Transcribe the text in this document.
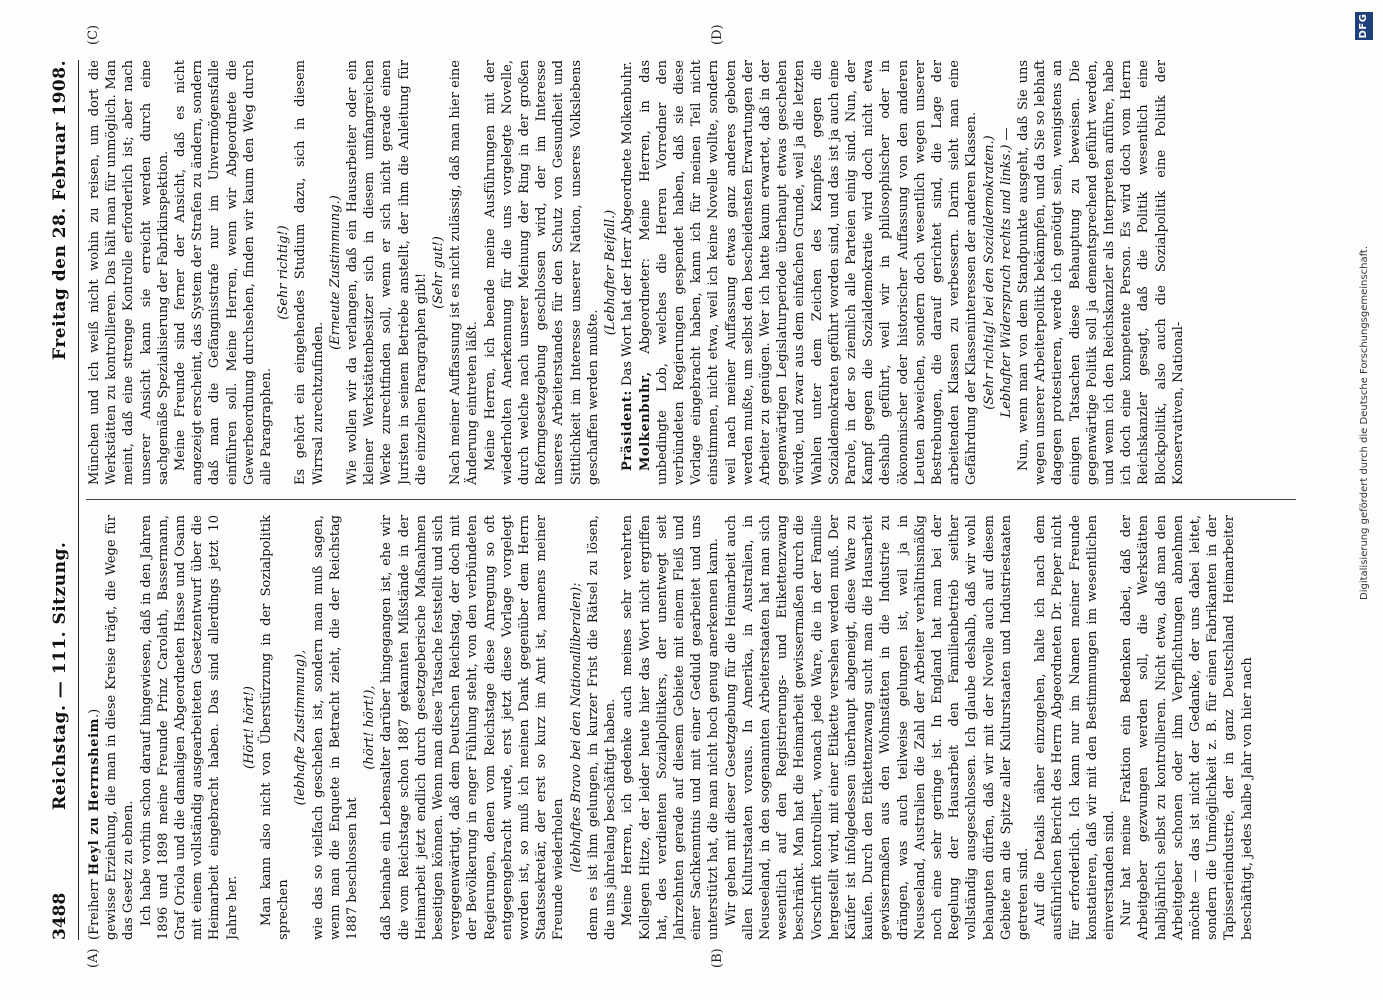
(A)	(B)
(C)	(D)
3488
Reichstag. — 111. Sitzung.
Freitag den 28. Februar 1908.

(Freiherr Heyl zu Herrnsheim.) gewisse Erziehung, die man in diese Kreise trägt, die Wege für das Gesetz zu ebnen. Ich habe vorhin schon darauf hingewiesen, daß in den Jahren 1896 und 1898 meine Freunde Prinz Carolath, Bassermann, Graf Oriola und die damaligen Abgeordneten Hasse und Osann mit einem vollständig ausgearbeiteten Gesetzentwurf über die Heimarbeit eingebracht haben. Das sind allerdings jetzt 10 Jahre her.

(Hört! hört!) Man kann also nicht von Überstürzung in der Sozialpolitik sprechen

(lebhafte Zustimmung), wie das so vielfach geschehen ist, sondern man muß sagen, wenn man die Enquete in Betracht zieht, die der Reichstag 1887 beschlossen hat

(hört! hört!), daß beinahe ein Lebensalter darüber hingegangen ist, ehe wir die vom Reichstage schon 1887 gekannten Mißstände in der Heimarbeit jetzt endlich durch gesetzgeberische Maßnahmen beseitigen können. Wenn man diese Tatsache feststellt und sich vergegenwärtigt, daß dem Deutschen Reichstag, der doch mit der Bevölkerung in enger Fühlung steht, von den verbündeten Regierungen, denen vom Reichstage diese Anregung so oft entgegengebracht wurde, erst jetzt diese Vorlage vorgelegt worden ist, so muß ich meinen Dank gegenüber dem Herrn Staatssekretär, der erst so kurz im Amt ist, namens meiner Freunde wiederholen (lebhaftes Bravo bei den Nationalliberalen): denn es ist ihm gelungen, in kurzer Frist die Rätsel zu lösen, die uns jahrelang beschäftigt haben. Meine Herren, ich gedenke auch meines sehr verehrten Kollegen Hitze, der leider heute hier das Wort nicht ergriffen hat, des verdienten Sozialpolitikers, der unentwegt seit Jahrzehnten gerade auf diesem Gebiete mit einem Fleiß und einer Sachkenntnis und mit einer Geduld gearbeitet und uns unterstützt hat, die man nicht hoch genug anerkennen kann. Wir gehen mit dieser Gesetzgebung für die Heimarbeit auch allen Kulturstaaten voraus. In Amerika, in Australien, in Neuseeland, in den sogenannten Arbeiterstaaten hat man sich wesentlich auf den Registrierungs- und Etikettenzwang beschränkt. Man hat die Heimarbeit gewissermaßen durch die Vorschrift kontrolliert, wonach jede Ware, die in der Familie hergestellt wird, mit einer Etikette versehen werden muß. Der Käufer ist infolgedessen überhaupt abgeneigt, diese Ware zu kaufen. Durch den Etikettenzwang sucht man die Hausarbeit gewissermaßen aus den Wohnstätten in die Industrie zu drängen, was auch teilweise gelungen ist, weil ja in Neuseeland, Australien die Zahl der Arbeiter verhältnismäßig noch eine sehr geringe ist. In England hat man bei der Regelung der Hausarbeit den Familienbetrieb seither vollständig ausgeschlossen. Ich glaube deshalb, daß wir wohl behaupten dürfen, daß wir mit der Novelle auch auf diesem Gebiete an die Spitze aller Kulturstaaten und Industriestaaten getreten sind. Auf die Details näher einzugehen, halte ich nach dem ausführlichen Bericht des Herrn Abgeordneten Dr. Pieper nicht für erforderlich. Ich kann nur im Namen meiner Freunde konstatieren, daß wir mit den Bestimmungen im wesentlichen einverstanden sind. Nur hat meine Fraktion ein Bedenken dabei, daß der Arbeitgeber gezwungen werden soll, die Werkstätten halbjährlich selbst zu kontrollieren. Nicht etwa, daß man den Arbeitgeber schonen oder ihm Verpflichtungen abnehmen möchte — das ist nicht der Gedanke, der uns dabei leitet, sondern die Unmöglichkeit z. B. für einen Fabrikanten in der Tapisserieindustrie, der in ganz Deutschland Heimarbeiter beschäftigt, jedes halbe Jahr von hier nach

München und ich weiß nicht wohin zu reisen, um dort die Werkstätten zu kontrollieren. Das hält man für unmöglich. Man meint, daß eine strenge Kontrolle erforderlich ist; aber nach unserer Ansicht kann sie erreicht werden durch eine sachgemäße Spezialisierung der Fabrikinspektion. Meine Freunde sind ferner der Ansicht, daß es nicht angezeigt erscheint, das System der Strafen zu ändern, sondern daß man die Gefängnisstrafe nur im Unvermögensfalle einführen soll. Meine Herren, wenn wir Abgeordnete die Gewerbeordnung durchsehen, finden wir kaum den Weg durch alle Paragraphen.

(Sehr richtig!) Es gehört ein eingehendes Studium dazu, sich in diesem Wirrsal zurechtzufinden.

(Erneute Zustimmung.) Wie wollen wir da verlangen, daß ein Hausarbeiter oder ein kleiner Werkstättenbesitzer sich in diesem umfangreichen Werke zurechtfinden soll, wenn er sich nicht gerade einen Juristen in seinem Betriebe anstellt, der ihm die Anleitung für die einzelnen Paragraphen gibt!

(Sehr gut!) Nach meiner Auffassung ist es nicht zulässig, daß man hier eine Änderung eintreten läßt. Meine Herren, ich beende meine Ausführungen mit der wiederholten Anerkennung für die uns vorgelegte Novelle, durch welche nach unserer Meinung der Ring in der großen Reformgesetzgebung geschlossen wird, der im Interesse unseres Arbeiterstandes für den Schutz von Gesundheit und Sittlichkeit im Interesse unserer Nation, unseres Volkslebens geschaffen werden mußte.

(Lebhafter Beifall.)

Präsident: Das Wort hat der Herr Abgeordnete Molkenbuhr.

Molkenbuhr, Abgeordneter: Meine Herren, in das unbedingte Lob, welches die Herren Vorredner den verbündeten Regierungen gespendet haben, daß sie diese Vorlage eingebracht haben, kann ich für meinen Teil nicht einstimmen, nicht etwa, weil ich keine Novelle wollte, sondern weil nach meiner Auffassung etwas ganz anderes geboten werden mußte, um selbst den bescheidensten Erwartungen der Arbeiter zu genügen. Wer ich hatte kaum erwartet, daß in der gegenwärtigen Legislaturperiode überhaupt etwas geschehen würde, und zwar aus dem einfachen Grunde, weil ja die letzten Wahlen unter dem Zeichen des Kampfes gegen die Sozialdemokraten geführt worden sind, und das ist ja auch eine Parole, in der so ziemlich alle Parteien einig sind. Nun, der Kampf gegen die Sozialdemokratie wird doch nicht etwa deshalb geführt, weil wir in philosophischer oder in ökonomischer oder historischer Auffassung von den anderen Leuten abweichen, sondern doch wesentlich wegen unserer Bestrebungen, die darauf gerichtet sind, die Lage der arbeitenden Klassen zu verbessern. Darin sieht man eine Gefährdung der Klasseninteressen der anderen Klassen. (Sehr richtig! bei den Sozialdemokraten.) Lebhafter Widerspruch rechts und links.) — Nun, wenn man von dem Standpunkte ausgeht, daß Sie uns wegen unserer Arbeiterpolitik bekämpfen, und da Sie so lebhaft dagegen protestieren, werde ich genötigt sein, wenigstens an einigen Tatsachen diese Behauptung zu beweisen. Die gegenwärtige Politik soll ja dementsprechend geführt werden, und wenn ich den Reichskanzler als Interpreten anführe, habe ich doch eine kompetente Person. Es wird doch vom Herrn Reichskanzler gesagt, daß die Politik wesentlich eine Blockpolitik, also auch die Sozialpolitik eine Politik der Konservativen, National-	Digitalisierung gefördert durch die Deutsche Forschungsgemeinschaft.
DFG
